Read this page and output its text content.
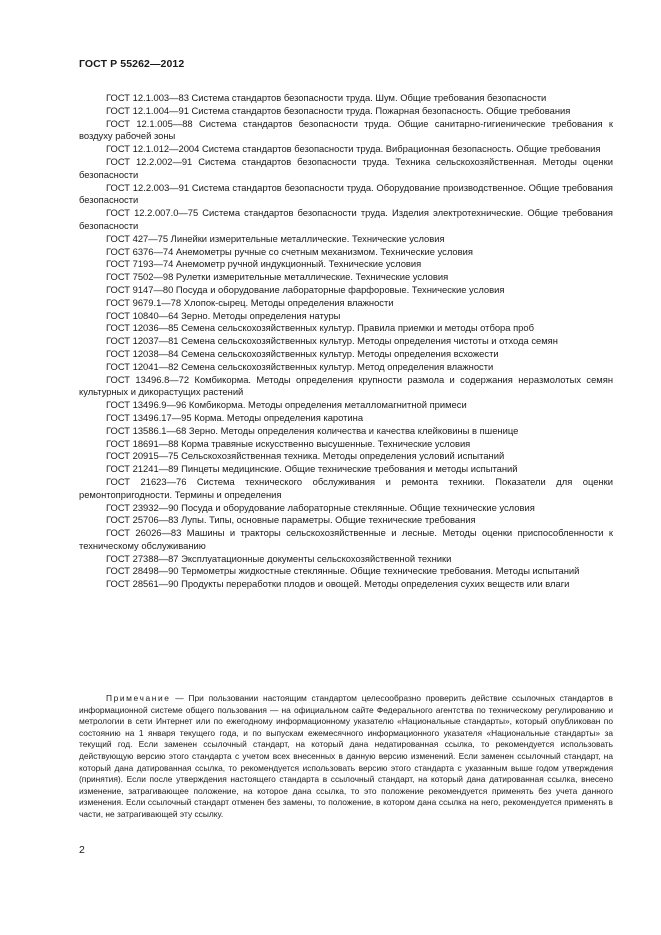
ГОСТ Р 55262—2012

ГОСТ 12.1.003—83 Система стандартов безопасности труда. Шум. Общие требования безопасности

ГОСТ 12.1.004—91 Система стандартов безопасности труда. Пожарная безопасность. Общие требования

ГОСТ 12.1.005—88 Система стандартов безопасности труда. Общие санитарно-гигиенические требования к воздуху рабочей зоны

ГОСТ 12.1.012—2004 Система стандартов безопасности труда. Вибрационная безопасность. Общие требования

ГОСТ 12.2.002—91 Система стандартов безопасности труда. Техника сельскохозяйственная. Методы оценки безопасности

ГОСТ 12.2.003—91 Система стандартов безопасности труда. Оборудование производственное. Общие требования безопасности

ГОСТ 12.2.007.0—75 Система стандартов безопасности труда. Изделия электротехнические. Общие требования безопасности

ГОСТ 427—75 Линейки измерительные металлические. Технические условия

ГОСТ 6376—74 Анемометры ручные со счетным механизмом. Технические условия

ГОСТ 7193—74 Анемометр ручной индукционный. Технические условия

ГОСТ 7502—98 Рулетки измерительные металлические. Технические условия

ГОСТ 9147—80 Посуда и оборудование лабораторные фарфоровые. Технические условия

ГОСТ 9679.1—78 Хлопок-сырец. Методы определения влажности

ГОСТ 10840—64 Зерно. Методы определения натуры

ГОСТ 12036—85 Семена сельскохозяйственных культур. Правила приемки и методы отбора проб

ГОСТ 12037—81 Семена сельскохозяйственных культур. Методы определения чистоты и отхода семян

ГОСТ 12038—84 Семена сельскохозяйственных культур. Методы определения всхожести

ГОСТ 12041—82 Семена сельскохозяйственных культур. Метод определения влажности

ГОСТ 13496.8—72 Комбикорма. Методы определения крупности размола и содержания неразмолотых семян культурных и дикорастущих растений

ГОСТ 13496.9—96 Комбикорма. Методы определения металломагнитной примеси

ГОСТ 13496.17—95 Корма. Методы определения каротина

ГОСТ 13586.1—68 Зерно. Методы определения количества и качества клейковины в пшенице

ГОСТ 18691—88 Корма травяные искусственно высушенные. Технические условия

ГОСТ 20915—75 Сельскохозяйственная техника. Методы определения условий испытаний

ГОСТ 21241—89 Пинцеты медицинские. Общие технические требования и методы испытаний

ГОСТ 21623—76 Система технического обслуживания и ремонта техники. Показатели для оценки ремонтопригодности. Термины и определения

ГОСТ 23932—90 Посуда и оборудование лабораторные стеклянные. Общие технические условия

ГОСТ 25706—83 Лупы. Типы, основные параметры. Общие технические требования

ГОСТ 26026—83 Машины и тракторы сельскохозяйственные и лесные. Методы оценки приспособленности к техническому обслуживанию

ГОСТ 27388—87 Эксплуатационные документы сельскохозяйственной техники

ГОСТ 28498—90 Термометры жидкостные стеклянные. Общие технические требования. Методы испытаний

ГОСТ 28561—90 Продукты переработки плодов и овощей. Методы определения сухих веществ или влаги

Примечание — При пользовании настоящим стандартом целесообразно проверить действие ссылочных стандартов в информационной системе общего пользования — на официальном сайте Федерального агентства по техническому регулированию и метрологии в сети Интернет или по ежегодному информационному указателю «Национальные стандарты», который опубликован по состоянию на 1 января текущего года, и по выпускам ежемесячного информационного указателя «Национальные стандарты» за текущий год. Если заменен ссылочный стандарт, на который дана недатированная ссылка, то рекомендуется использовать действующую версию этого стандарта с учетом всех внесенных в данную версию изменений. Если заменен ссылочный стандарт, на который дана датированная ссылка, то рекомендуется использовать версию этого стандарта с указанным выше годом утверждения (принятия). Если после утверждения настоящего стандарта в ссылочный стандарт, на который дана датированная ссылка, внесено изменение, затрагивающее положение, на которое дана ссылка, то это положение рекомендуется применять без учета данного изменения. Если ссылочный стандарт отменен без замены, то положение, в котором дана ссылка на него, рекомендуется применять в части, не затрагивающей эту ссылку.

2
